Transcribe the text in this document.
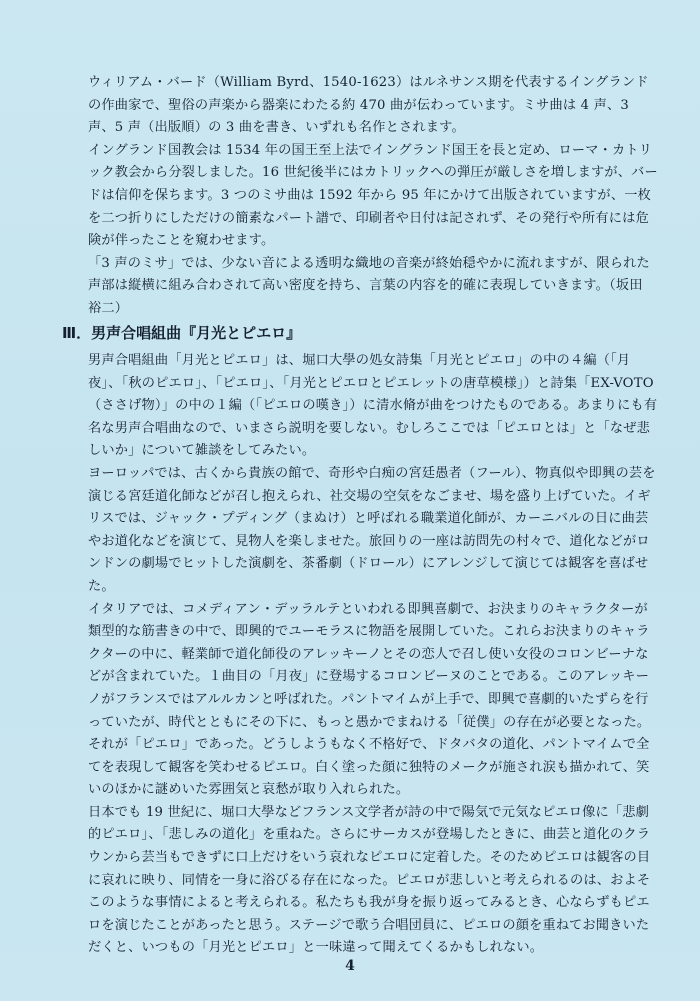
ウィリアム・バード（William Byrd、1540-1623）はルネサンス期を代表するイングランドの作曲家で、聖俗の声楽から器楽にわたる約 470 曲が伝わっています。ミサ曲は 4 声、3 声、5 声（出版順）の 3 曲を書き、いずれも名作とされます。

イングランド国教会は 1534 年の国王至上法でイングランド国王を長と定め、ローマ・カトリック教会から分裂しました。16 世紀後半にはカトリックへの弾圧が厳しさを増しますが、バードは信仰を保ちます。3 つのミサ曲は 1592 年から 95 年にかけて出版されていますが、一枚を二つ折りにしただけの簡素なパート譜で、印刷者や日付は記されず、その発行や所有には危険が伴ったことを窺わせます。

「3 声のミサ」では、少ない音による透明な織地の音楽が終始穏やかに流れますが、限られた声部は縦横に組み合わされて高い密度を持ち、言葉の内容を的確に表現していきます。（坂田　裕二）

Ⅲ．男声合唱組曲『月光とピエロ』

男声合唱組曲「月光とピエロ」は、堀口大學の処女詩集「月光とピエロ」の中の４編（「月夜」、「秋のピエロ」、「ピエロ」、「月光とピエロとピエレットの唐草模様」）と詩集「EX-VOTO（ささげ物）」の中の１編（「ピエロの嘆き」）に清水脩が曲をつけたものである。あまりにも有名な男声合唱曲なので、いまさら説明を要しない。むしろここでは「ピエロとは」と「なぜ悲しいか」について雑談をしてみたい。

ヨーロッパでは、古くから貴族の館で、奇形や白痴の宮廷愚者（フール）、物真似や即興の芸を演じる宮廷道化師などが召し抱えられ、社交場の空気をなごませ、場を盛り上げていた。イギリスでは、ジャック・プディング（まぬけ）と呼ばれる職業道化師が、カーニバルの日に曲芸やお道化などを演じて、見物人を楽しませた。旅回りの一座は訪問先の村々で、道化などがロンドンの劇場でヒットした演劇を、茶番劇（ドロール）にアレンジして演じては観客を喜ばせた。

イタリアでは、コメディアン・デッラルテといわれる即興喜劇で、お決まりのキャラクターが類型的な筋書きの中で、即興的でユーモラスに物語を展開していた。これらお決まりのキャラクターの中に、軽業師で道化師役のアレッキーノとその恋人で召し使い女役のコロンビーナなどが含まれていた。１曲目の「月夜」に登場するコロンビーヌのことである。このアレッキーノがフランスではアルルカンと呼ばれた。パントマイムが上手で、即興で喜劇的いたずらを行っていたが、時代とともにその下に、もっと愚かでまねける「従僕」の存在が必要となった。それが「ピエロ」であった。どうしようもなく不格好で、ドタバタの道化、パントマイムで全てを表現して観客を笑わせるピエロ。白く塗った顔に独特のメークが施され涙も描かれて、笑いのほかに謎めいた雰囲気と哀愁が取り入れられた。

日本でも 19 世紀に、堀口大學などフランス文学者が詩の中で陽気で元気なピエロ像に「悲劇的ピエロ」、「悲しみの道化」を重ねた。さらにサーカスが登場したときに、曲芸と道化のクラウンから芸当もできずに口上だけをいう哀れなピエロに定着した。そのためピエロは観客の目に哀れに映り、同情を一身に浴びる存在になった。ピエロが悲しいと考えられるのは、およそこのような事情によると考えられる。私たちも我が身を振り返ってみるとき、心ならずもピエロを演じたことがあったと思う。ステージで歌う合唱団員に、ピエロの顔を重ねてお聞きいただくと、いつもの「月光とピエロ」と一味違って聞えてくるかもしれない。

4
